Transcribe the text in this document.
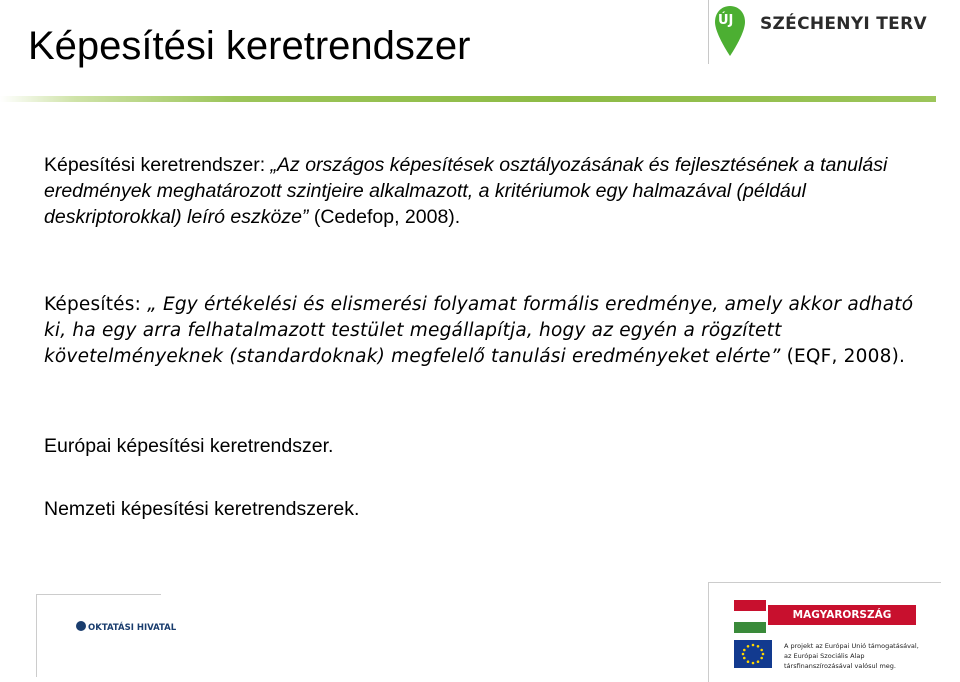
ÚJ SZÉCHENYI TERV
Képesítési keretrendszer

Képesítési keretrendszer: „Az országos képesítések osztályozásának és fejlesztésének a tanulási eredmények meghatározott szintjeire alkalmazott, a kritériumok egy halmazával (például deskriptorokkal) leíró eszköze” (Cedefop, 2008).

Képesítés: „ Egy értékelési és elismerési folyamat formális eredménye, amely akkor adható ki, ha egy arra felhatalmazott testület megállapítja, hogy az egyén a rögzített követelményeknek (standardoknak) megfelelő tanulási eredményeket elérte” (EQF, 2008).

Európai képesítési keretrendszer.

Nemzeti képesítési keretrendszerek.

OKTATÁSI HIVATAL
MAGYARORSZÁG MEGÚJUL
A projekt az Európai Unió támogatásával,
az Európai Szociális Alap
társfinanszírozásával valósul meg.
